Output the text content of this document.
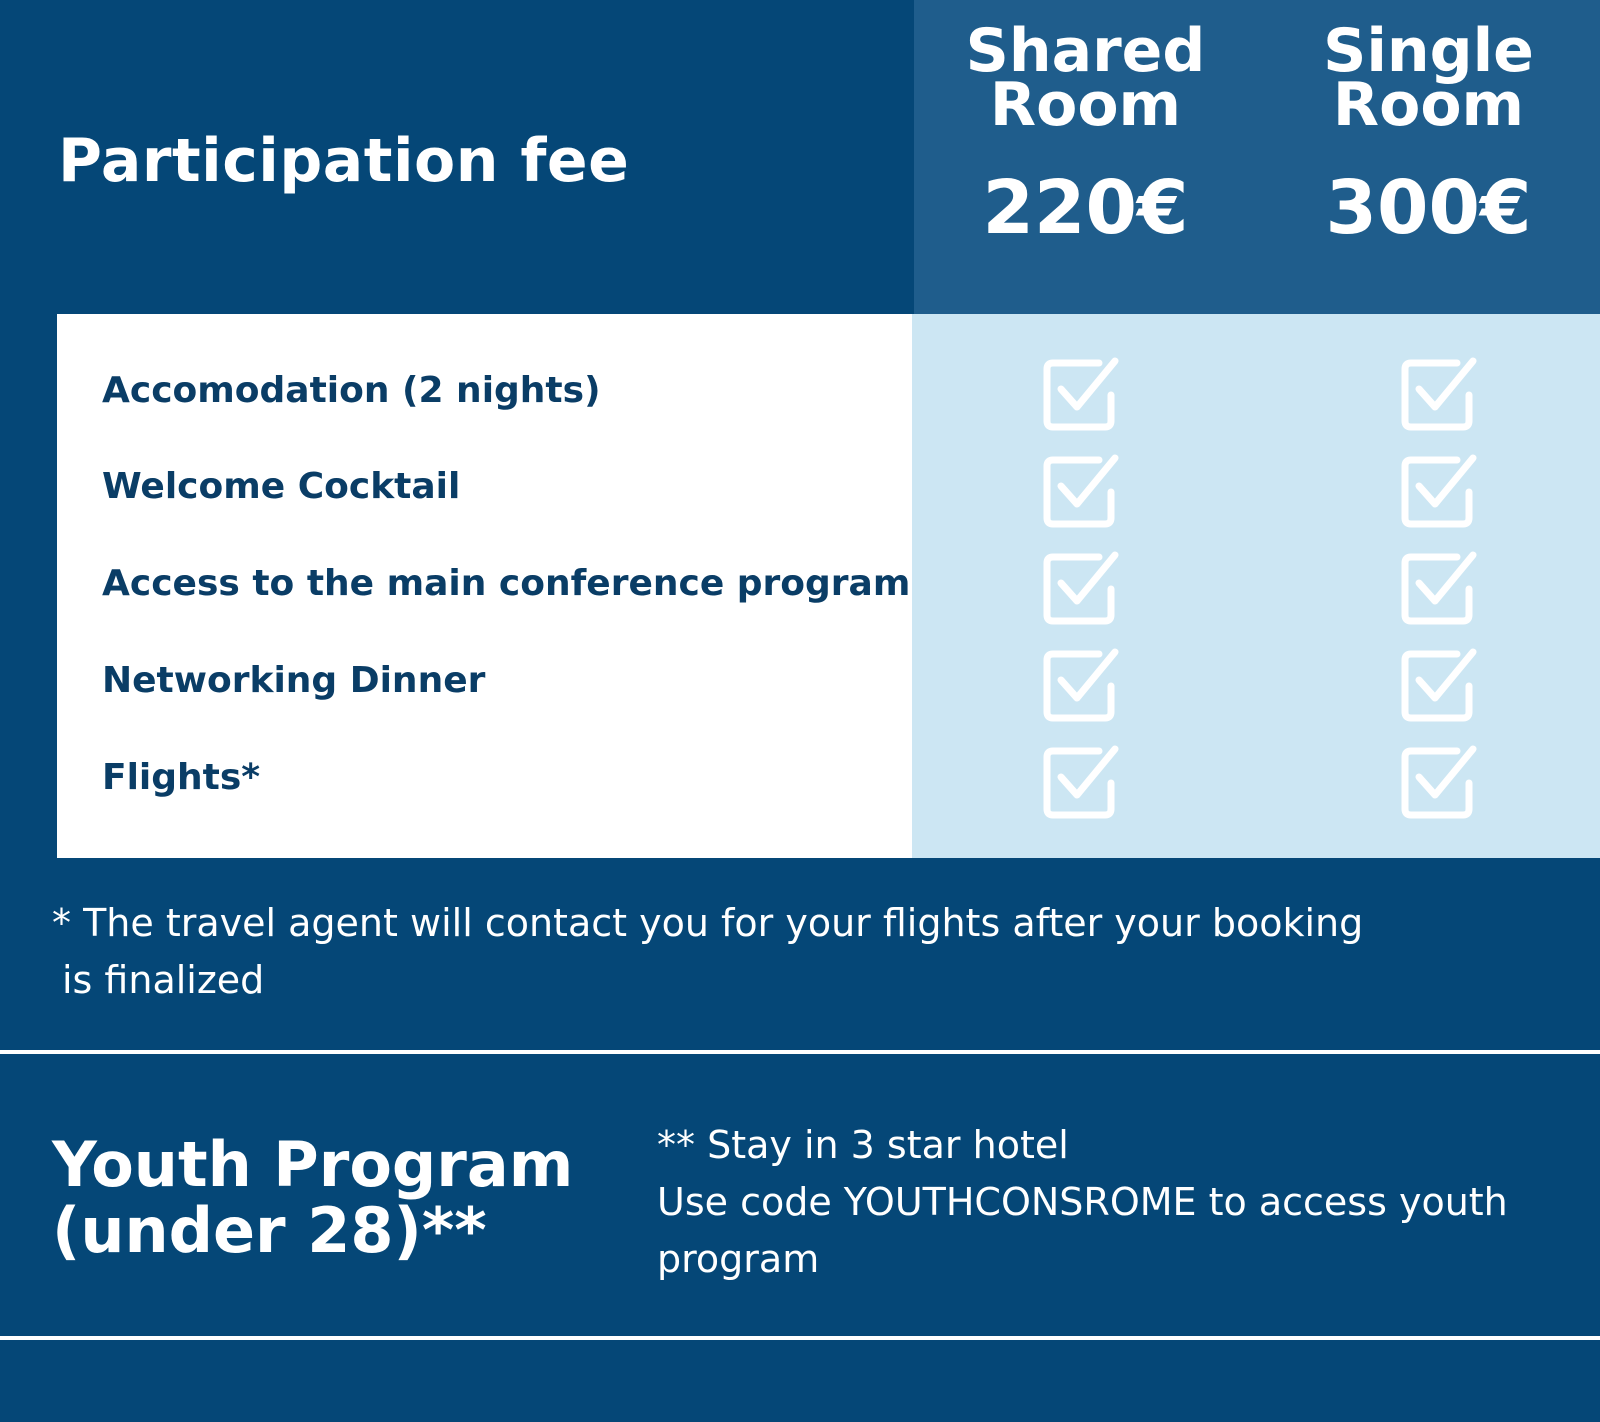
Participation fee
Shared
Room
220€
Single
Room
300€
Accomodation (2 nights)
Welcome Cocktail
Access to the main conference program
Networking Dinner
Flights*
* The travel agent will contact you for your flights after your booking
is finalized
Youth Program
(under 28)**
** Stay in 3 star hotel
Use code YOUTHCONSROME to access youth
program
